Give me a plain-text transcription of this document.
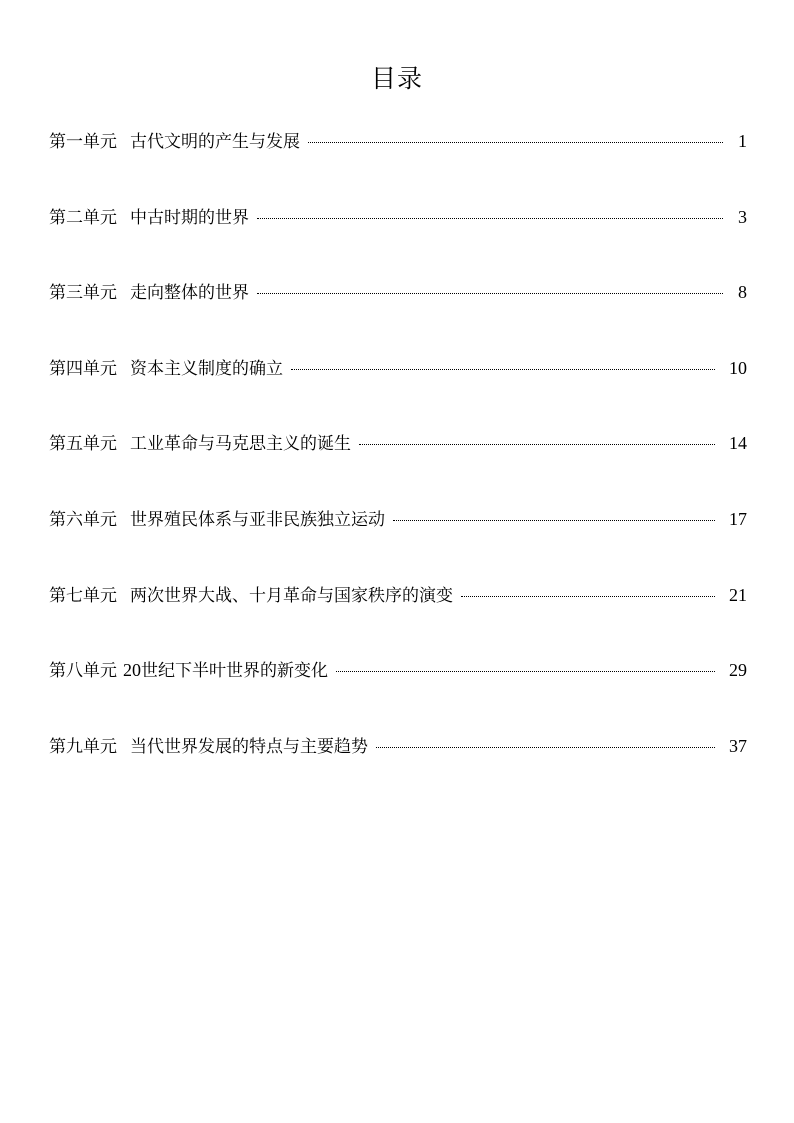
目录
第一单元 古代文明的产生与发展	1
第二单元 中古时期的世界	3
第三单元 走向整体的世界	8
第四单元 资本主义制度的确立	10
第五单元 工业革命与马克思主义的诞生	14
第六单元 世界殖民体系与亚非民族独立运动	17
第七单元 两次世界大战、十月革命与国家秩序的演变	21
第八单元 20 世纪下半叶世界的新变化	29
第九单元 当代世界发展的特点与主要趋势	37
